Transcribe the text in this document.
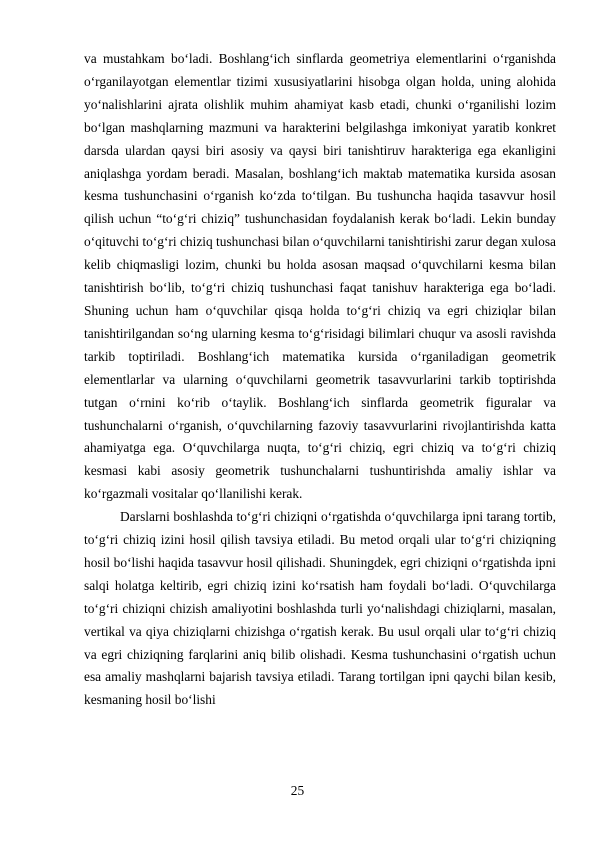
va mustahkam bo‘ladi. Boshlang‘ich sinflarda geometriya elementlarini o‘rganishda o‘rganilayotgan elementlar tizimi xususiyatlarini hisobga olgan holda, uning alohida yo‘nalishlarini ajrata olishlik muhim ahamiyat kasb etadi, chunki o‘rganilishi lozim bo‘lgan mashqlarning mazmuni va harakterini belgilashga imkoniyat yaratib konkret darsda ulardan qaysi biri asosiy va qaysi biri tanishtiruv harakteriga ega ekanligini aniqlashga yordam beradi. Masalan, boshlang‘ich maktab matematika kursida asosan kesma tushunchasini o‘rganish ko‘zda to‘tilgan. Bu tushuncha haqida tasavvur hosil qilish uchun “to‘g‘ri chiziq” tushunchasidan foydalanish kerak bo‘ladi. Lekin bunday o‘qituvchi to‘g‘ri chiziq tushunchasi bilan o‘quvchilarni tanishtirishi zarur degan xulosa kelib chiqmasligi lozim, chunki bu holda asosan maqsad o‘quvchilarni kesma bilan tanishtirish bo‘lib, to‘g‘ri chiziq tushunchasi faqat tanishuv harakteriga ega bo‘ladi. Shuning uchun ham o‘quvchilar qisqa holda to‘g‘ri chiziq va egri chiziqlar bilan tanishtirilgandan so‘ng ularning kesma to‘g‘risidagi bilimlari chuqur va asosli ravishda tarkib toptiriladi. Boshlang‘ich matematika kursida o‘rganiladigan geometrik elementlarlar va ularning o‘quvchilarni geometrik tasavvurlarini tarkib toptirishda tutgan o‘rnini ko‘rib o‘taylik. Boshlang‘ich sinflarda geometrik figuralar va tushunchalarni o‘rganish, o‘quvchilarning fazoviy tasavvurlarini rivojlantirishda katta ahamiyatga ega. O‘quvchilarga nuqta, to‘g‘ri chiziq, egri chiziq va to‘g‘ri chiziq kesmasi kabi asosiy geometrik tushunchalarni tushuntirishda amaliy ishlar va ko‘rgazmali vositalar qo‘llanilishi kerak.

Darslarni boshlashda to‘g‘ri chiziqni o‘rgatishda o‘quvchilarga ipni tarang tortib, to‘g‘ri chiziq izini hosil qilish tavsiya etiladi. Bu metod orqali ular to‘g‘ri chiziqning hosil bo‘lishi haqida tasavvur hosil qilishadi. Shuningdek, egri chiziqni o‘rgatishda ipni salqi holatga keltirib, egri chiziq izini ko‘rsatish ham foydali bo‘ladi. O‘quvchilarga to‘g‘ri chiziqni chizish amaliyotini boshlashda turli yo‘nalishdagi chiziqlarni, masalan, vertikal va qiya chiziqlarni chizishga o‘rgatish kerak. Bu usul orqali ular to‘g‘ri chiziq va egri chiziqning farqlarini aniq bilib olishadi. Kesma tushunchasini o‘rgatish uchun esa amaliy mashqlarni bajarish tavsiya etiladi. Tarang tortilgan ipni qaychi bilan kesib, kesmaning hosil bo‘lishi

25
